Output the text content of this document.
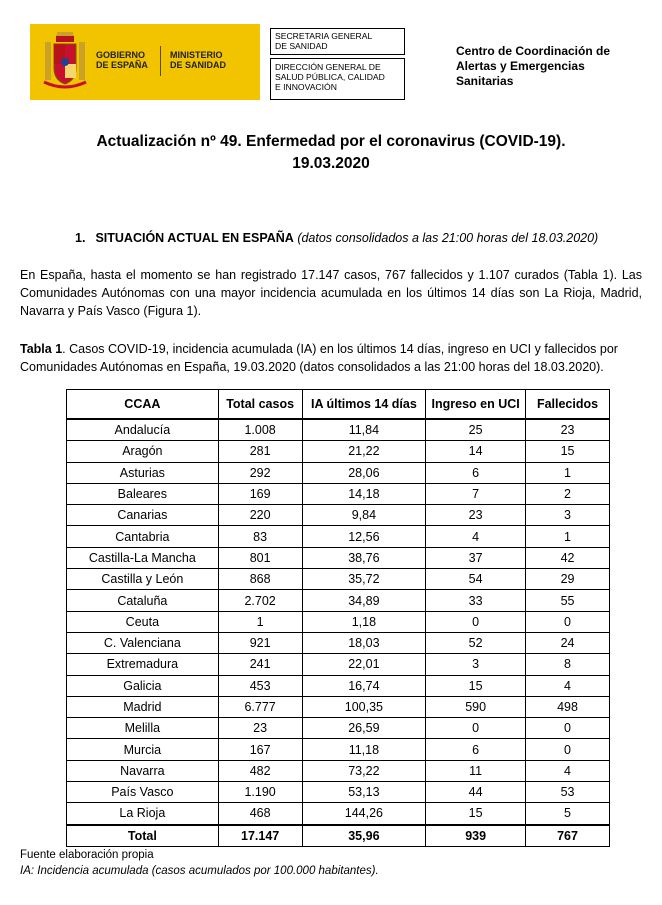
GOBIERNO
DE ESPAÑA
MINISTERIO
DE SANIDAD
SECRETARIA GENERAL
DE SANIDAD
DIRECCIÓN GENERAL DE
SALUD PÚBLICA, CALIDAD
E INNOVACIÓN
Centro de Coordinación de
Alertas y Emergencias
Sanitarias
Actualización nº 49. Enfermedad por el coronavirus (COVID-19).
19.03.2020
1. SITUACIÓN ACTUAL EN ESPAÑA (datos consolidados a las 21:00 horas del 18.03.2020)
En España, hasta el momento se han registrado 17.147 casos, 767 fallecidos y 1.107 curados (Tabla 1). Las Comunidades Autónomas con una mayor incidencia acumulada en los últimos 14 días son La Rioja, Madrid, Navarra y País Vasco (Figura 1).
Tabla 1. Casos COVID-19, incidencia acumulada (IA) en los últimos 14 días, ingreso en UCI y fallecidos por Comunidades Autónomas en España, 19.03.2020 (datos consolidados a las 21:00 horas del 18.03.2020).
CCAA	Total casos	IA últimos 14 días	Ingreso en UCI	Fallecidos
Andalucía	1.008	11,84	25	23
Aragón	281	21,22	14	15
Asturias	292	28,06	6	1
Baleares	169	14,18	7	2
Canarias	220	9,84	23	3
Cantabria	83	12,56	4	1
Castilla-La Mancha	801	38,76	37	42
Castilla y León	868	35,72	54	29
Cataluña	2.702	34,89	33	55
Ceuta	1	1,18	0	0
C. Valenciana	921	18,03	52	24
Extremadura	241	22,01	3	8
Galicia	453	16,74	15	4
Madrid	6.777	100,35	590	498
Melilla	23	26,59	0	0
Murcia	167	11,18	6	0
Navarra	482	73,22	11	4
País Vasco	1.190	53,13	44	53
La Rioja	468	144,26	15	5
Total	17.147	35,96	939	767
Fuente elaboración propia
IA: Incidencia acumulada (casos acumulados por 100.000 habitantes).
